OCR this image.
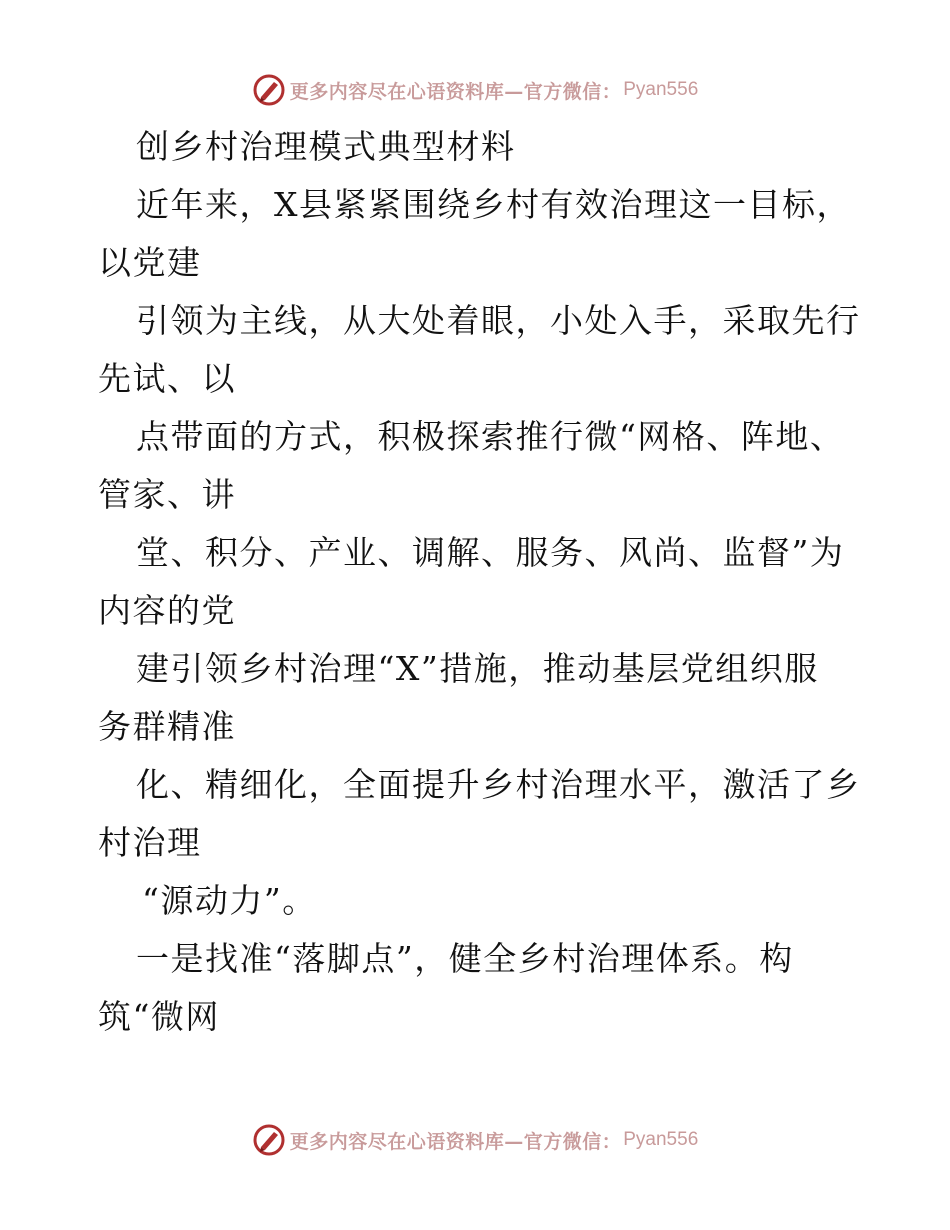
更多内容尽在心语资料库—官方微信： Pyan556
创乡村治理模式典型材料
近年来，X县紧紧围绕乡村有效治理这一目标，
以党建
引领为主线，从大处着眼，小处入手，采取先行
先试、以
点带面的方式，积极探索推行微“网格、阵地、
管家、讲
堂、积分、产业、调解、服务、风尚、监督”为
内容的党
建引领乡村治理“X”措施，推动基层党组织服
务群精准
化、精细化，全面提升乡村治理水平，激活了乡
村治理
“源动力”。
一是找准“落脚点”，健全乡村治理体系。构
筑“微网
更多内容尽在心语资料库—官方微信： Pyan556
